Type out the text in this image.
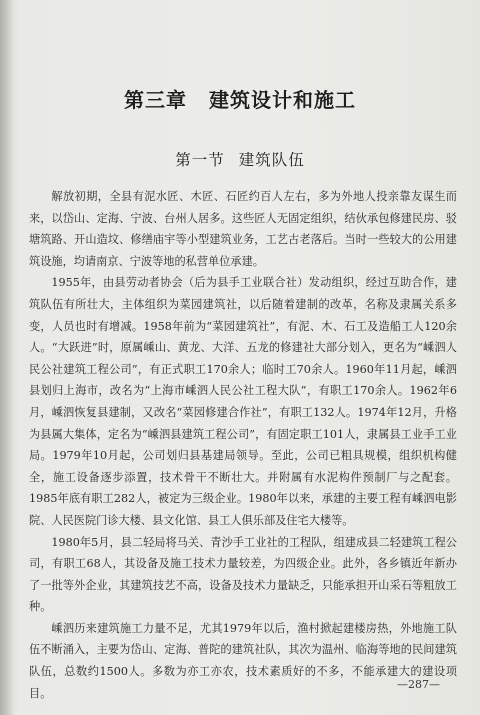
第三章 建筑设计和施工
第一节 建筑队伍

解放初期，全县有泥水匠、木匠、石匠约百人左右，多为外地人投亲靠友谋生而来，以岱山、定海、宁波、台州人居多。这些匠人无固定组织，结伙承包修建民房、驳塘筑路、开山造坟、修缮庙宇等小型建筑业务，工艺古老落后。当时一些较大的公用建筑设施，均请南京、宁波等地的私营单位承建。

1955年，由县劳动者协会（后为县手工业联合社）发动组织，经过互助合作，建筑队伍有所壮大，主体组织为菜园建筑社，以后随着建制的改革，名称及隶属关系多变，人员也时有增减。1958年前为“菜园建筑社”，有泥、木、石工及造船工人120余人。“大跃进”时，原属嵊山、黄龙、大洋、五龙的修建社大部分划入，更名为“嵊泗人民公社建筑工程公司”，有正式职工170余人；临时工70余人。1960年11月起，嵊泗县划归上海市，改名为“上海市嵊泗人民公社工程大队”，有职工170余人。1962年6月，嵊泗恢复县建制，又改名“菜园修建合作社”，有职工132人。1974年12月，升格为县属大集体，定名为“嵊泗县建筑工程公司”，有固定职工101人，隶属县工业手工业局。1979年10月起，公司划归县基建局领导。至此，公司已粗具规模，组织机构健全，施工设备逐步添置，技术骨干不断壮大。并附属有水泥构件预制厂与之配套。1985年底有职工282人，被定为三级企业。1980年以来，承建的主要工程有嵊泗电影院、人民医院门诊大楼、县文化馆、县工人俱乐部及住宅大楼等。

1980年5月，县二轻局将马关、青沙手工业社的工程队，组建成县二轻建筑工程公司，有职工68人，其设备及施工技术力量较差，为四级企业。此外，各乡镇近年新办了一批等外企业，其建筑技艺不高，设备及技术力量缺乏，只能承担开山采石等粗放工种。

嵊泗历来建筑施工力量不足，尤其1979年以后，渔村掀起建楼房热，外地施工队伍不断涌入，主要为岱山、定海、普陀的建筑社队，其次为温州、临海等地的民间建筑队伍，总数约1500人。多数为亦工亦农，技术素质好的不多，不能承建大的建设项目。

—287—
